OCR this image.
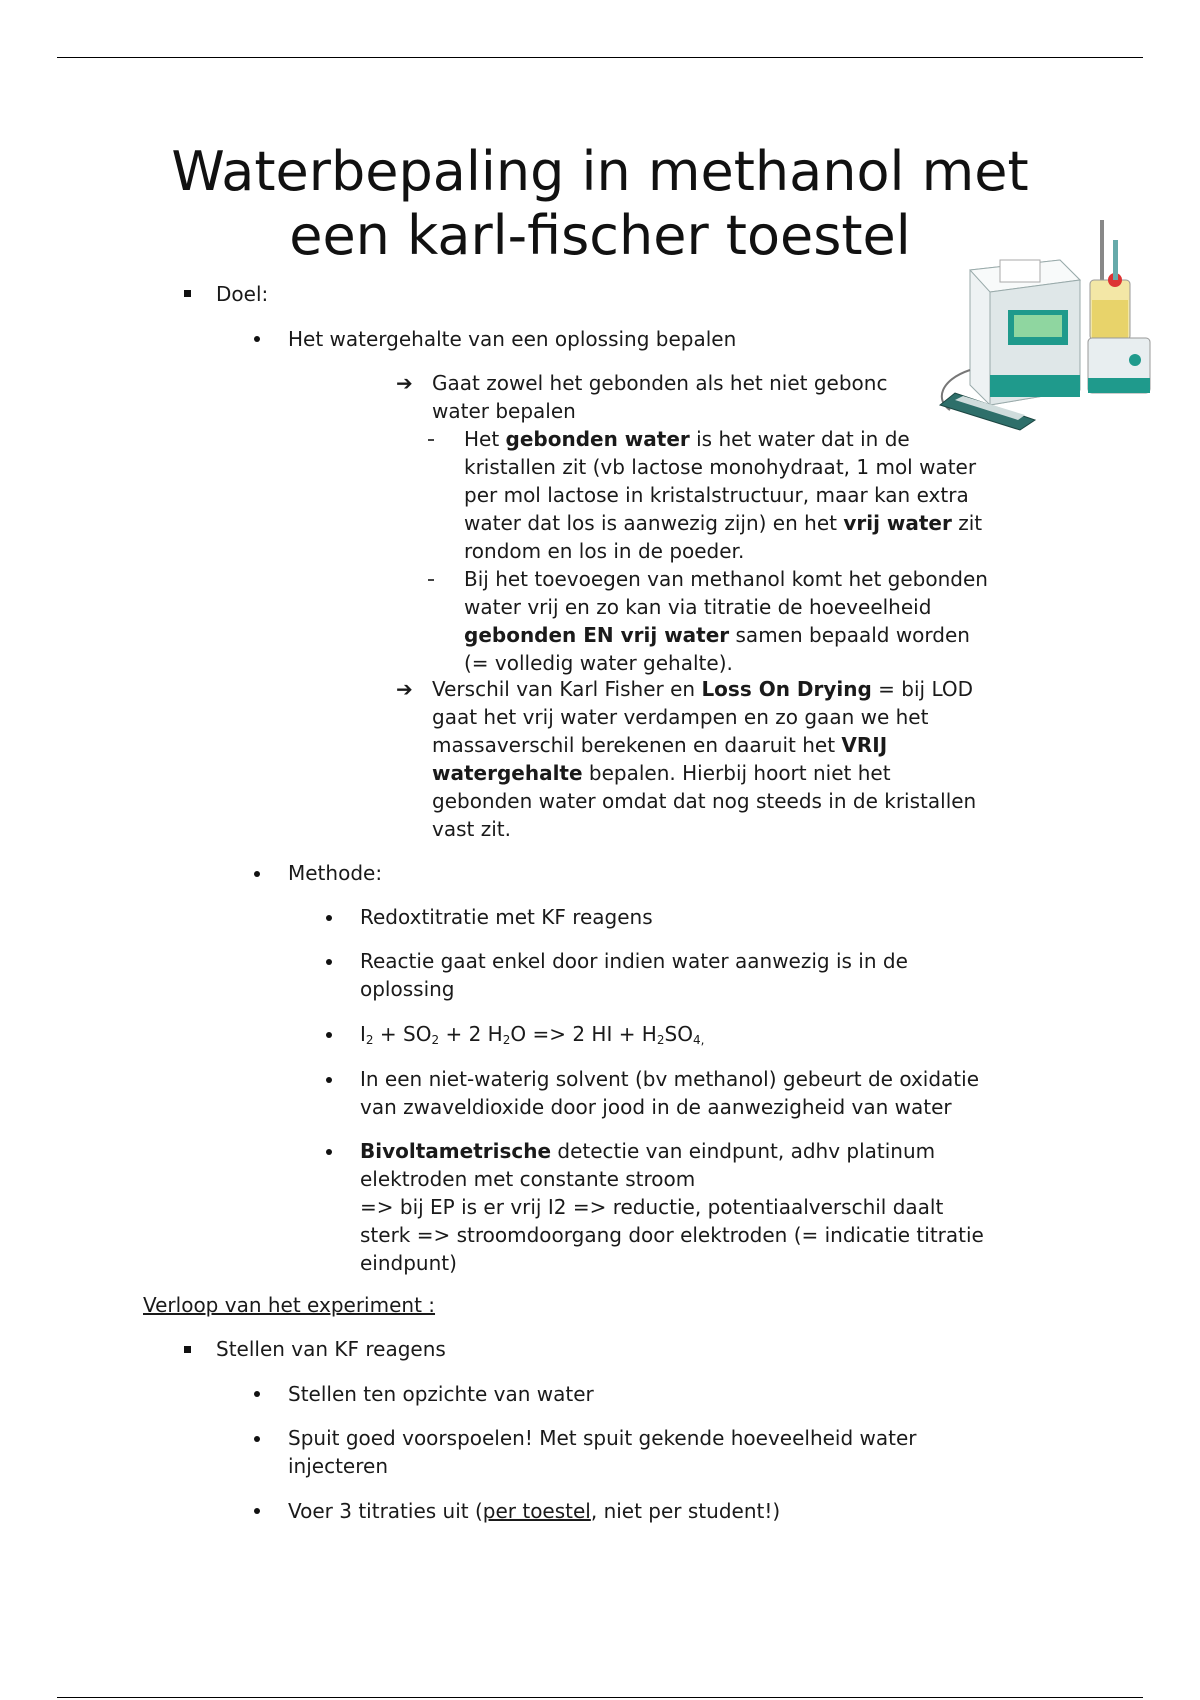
Waterbepaling in methanol met
een karl-fischer toestel

Doel:

Het watergehalte van een oplossing bepalen

➔ Gaat zowel het gebonden als het niet gebonc

water bepalen

Het gebonden water is het water dat in de

kristallen zit (vb lactose monohydraat, 1 mol water

per mol lactose in kristalstructuur, maar kan extra

water dat los is aanwezig zijn) en het vrij water zit

rondom en los in de poeder.

Bij het toevoegen van methanol komt het gebonden

water vrij en zo kan via titratie de hoeveelheid

gebonden EN vrij water samen bepaald worden

(= volledig water gehalte).

➔ Verschil van Karl Fisher en Loss On Drying = bij LOD

gaat het vrij water verdampen en zo gaan we het

massaverschil berekenen en daaruit het VRIJ

watergehalte bepalen. Hierbij hoort niet het

gebonden water omdat dat nog steeds in de kristallen

vast zit.

Methode:

Redoxtitratie met KF reagens

Reactie gaat enkel door indien water aanwezig is in de

oplossing

$I_2 + SO_2 + 2$ $H_2O => 2$ HI + $H_2SO_{4,}$

In een niet-waterig solvent (bv methanol) gebeurt de oxidatie

van zwaveldioxide door jood in de aanwezigheid van water

Bivoltametrische detectie van eindpunt, adhv platinum

elektroden met constante stroom

=> bij EP is er vrij I2 => reductie, potentiaalverschil daalt

sterk => stroomdoorgang door elektroden (= indicatie titratie

eindpunt)

Verloop van het experiment :

Stellen van KF reagens

Stellen ten opzichte van water

Spuit goed voorspoelen! Met spuit gekende hoeveelheid water

injecteren

Voer 3 titraties uit (per toestel, niet per student!)
